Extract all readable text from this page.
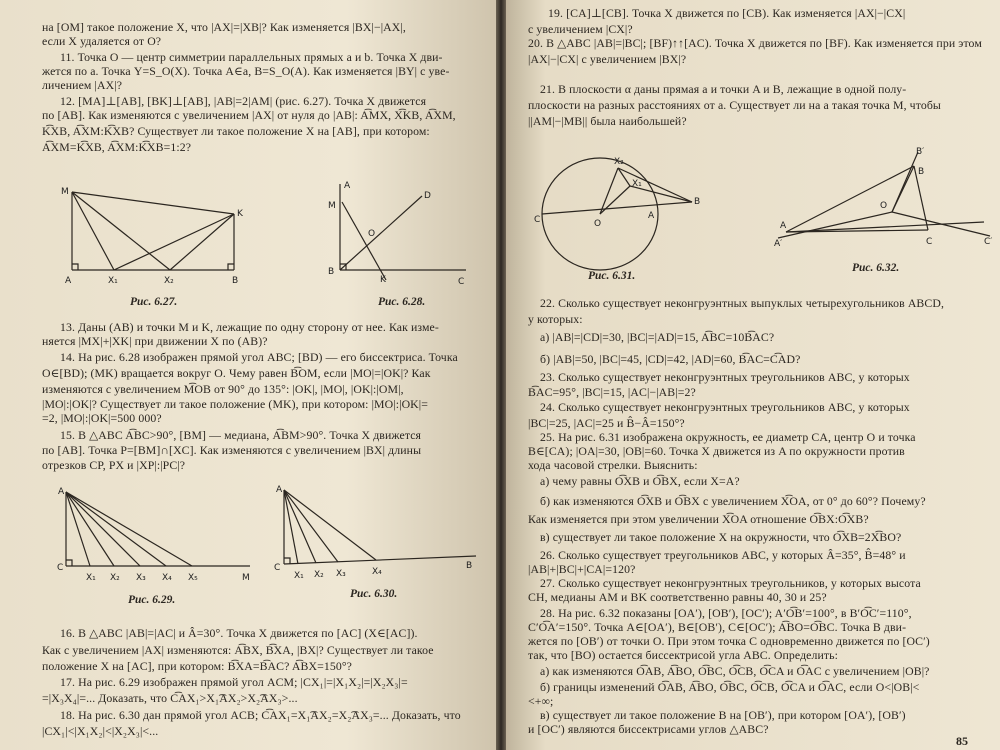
на [OM] такое положение X, что |AX|=|XB|? Как изменяется |BX|−|AX|,
если X удаляется от O?
11. Точка O — центр симметрии параллельных прямых a и b. Точка X дви-
жется по a. Точка Y=S_O(X). Точка A∈a, B=S_O(A). Как изменяется |BY| с уве-
личением |AX|?
12. [MA]⊥[AB], [BK]⊥[AB], |AB|=2|AM| (рис. 6.27). Точка X движется
по [AB]. Как изменяются с увеличением |AX| от нуля до |AB|: A͡MX, X͡KB, A͡XM,
K͡XB, A͡XM:K͡XB? Существует ли такое положение X на [AB], при котором:
A͡XM=K͡XB, A͡XM:K͡XB=1:2?
M
K
A	X₁	X₂	B
Рис. 6.27.
A
D
M
O
B
K	C
Рис. 6.28.
13. Даны (AB) и точки M и K, лежащие по одну сторону от нее. Как изме-
няется |MX|+|XK| при движении X по (AB)?
14. На рис. 6.28 изображен прямой угол ABC; [BD) — его биссектриса. Точка
O∈[BD); (MK) вращается вокруг O. Чему равен B͡OM, если |MO|=|OK|? Как
изменяются с увеличением M͡OB от 90° до 135°: |OK|, |MO|, |OK|:|OM|,
|MO|:|OK|? Существует ли такое положение (MK), при котором: |MO|:|OK|=
=2, |MO|:|OK|=500 000?
15. В △ABC A͡BC>90°, [BM] — медиана, A͡BM>90°. Точка X движется
по [AB]. Точка P=[BM]∩[XC]. Как изменяются с увеличением |BX| длины
отрезков CP, PX и |XP|:|PC|?
A
C
X₁ X₂ X₃ X₄ X₅	M
Рис. 6.29.
A
C
X₁ X₂ X₃	X₄
B
Рис. 6.30.
16. В △ABC |AB|=|AC| и Â=30°. Точка X движется по [AC] (X∈[AC]).
Как с увеличением |AX| изменяются: A͡BX, B͡XA, |BX|? Существует ли такое
положение X на [AC], при котором: B͡XA=B͡AC? A͡BX=150°?
17. На рис. 6.29 изображен прямой угол ACM; |CX₁|=|X₁X₂|=|X₂X₃|=
=|X₃X₄|=... Доказать, что C͡AX₁>X₁͡AX₂>X₂͡AX₃>...
18. На рис. 6.30 дан прямой угол ACB; C͡AX₁=X₁͡AX₂=X₂͡AX₃=... Доказать, что
|CX₁|<|X₁X₂|<|X₂X₃|<...
19. [CA]⊥[CB]. Точка X движется по [CB). Как изменяется |AX|−|CX|
с увеличением |CX|?
20. В △ABC |AB|=|BC|; [BF)↑↑[AC). Точка X движется по [BF). Как изменяется при этом
|AX|−|CX| с увеличением |BX|?
21. В плоскости α даны прямая a и точки A и B, лежащие в одной полу-
плоскости на разных расстояниях от a. Существует ли на a такая точка M, чтобы
||AM|−|MB|| была наибольшей?
X₂
X₁
C	O
A
B
Рис. 6.31.
B′
B
O
A
A′	C	C′
Рис. 6.32.
22. Сколько существует неконгруэнтных выпуклых четырехугольников ABCD,
у которых:
а) |AB|=|CD|=30, |BC|=|AD|=15, A͡BC=10B͡AC?
б) |AB|=50, |BC|=45, |CD|=42, |AD|=60, B͡AC=C͡AD?
23. Сколько существует неконгруэнтных треугольников ABC, у которых
B͡AC=95°, |BC|=15, |AC|−|AB|=2?
24. Сколько существует неконгруэнтных треугольников ABC, у которых
|BC|=25, |AC|=25 и B̂−Â=150°?
25. На рис. 6.31 изображена окружность, ее диаметр CA, центр O и точка
B∈[CA); |OA|=30, |OB|=60. Точка X движется из A по окружности против
хода часовой стрелки. Выяснить:
а) чему равны O͡XB и O͡BX, если X=A?
б) как изменяются O͡XB и O͡BX с увеличением X͡OA, от 0° до 60°? Почему?
Как изменяется при этом увеличении X͡OA отношение O͡BX:O͡XB?
в) существует ли такое положение X на окружности, что O͡XB=2X͡BO?
26. Сколько существует треугольников ABC, у которых Â=35°, B̂=48° и
|AB|+|BC|+|CA|=120?
27. Сколько существует неконгруэнтных треугольников, у которых высота
CH, медианы AM и BK соответственно равны 40, 30 и 25?
28. На рис. 6.32 показаны [OA′), [OB′), [OC′); A′O͡B′=100°, в B′O͡C′=110°,
C′O͡A′=150°. Точка A∈[OA′), B∈[OB′), C∈[OC′); A͡BO=O͡BC. Точка B дви-
жется по [OB′) от точки O. При этом точка C одновременно движется по [OC′)
так, что [BO) остается биссектрисой угла ABC. Определить:
а) как изменяются O͡AB, A͡BO, O͡BC, O͡CB, O͡CA и O͡AC с увеличением |OB|?
б) границы изменений O͡AB, A͡BO, O͡BC, O͡CB, O͡CA и O͡AC, если O<|OB|<
<+∞;
в) существует ли такое положение B на [OB′), при котором [OA′), [OB′)
и [OC′) являются биссектрисами углов △ABC?
85
